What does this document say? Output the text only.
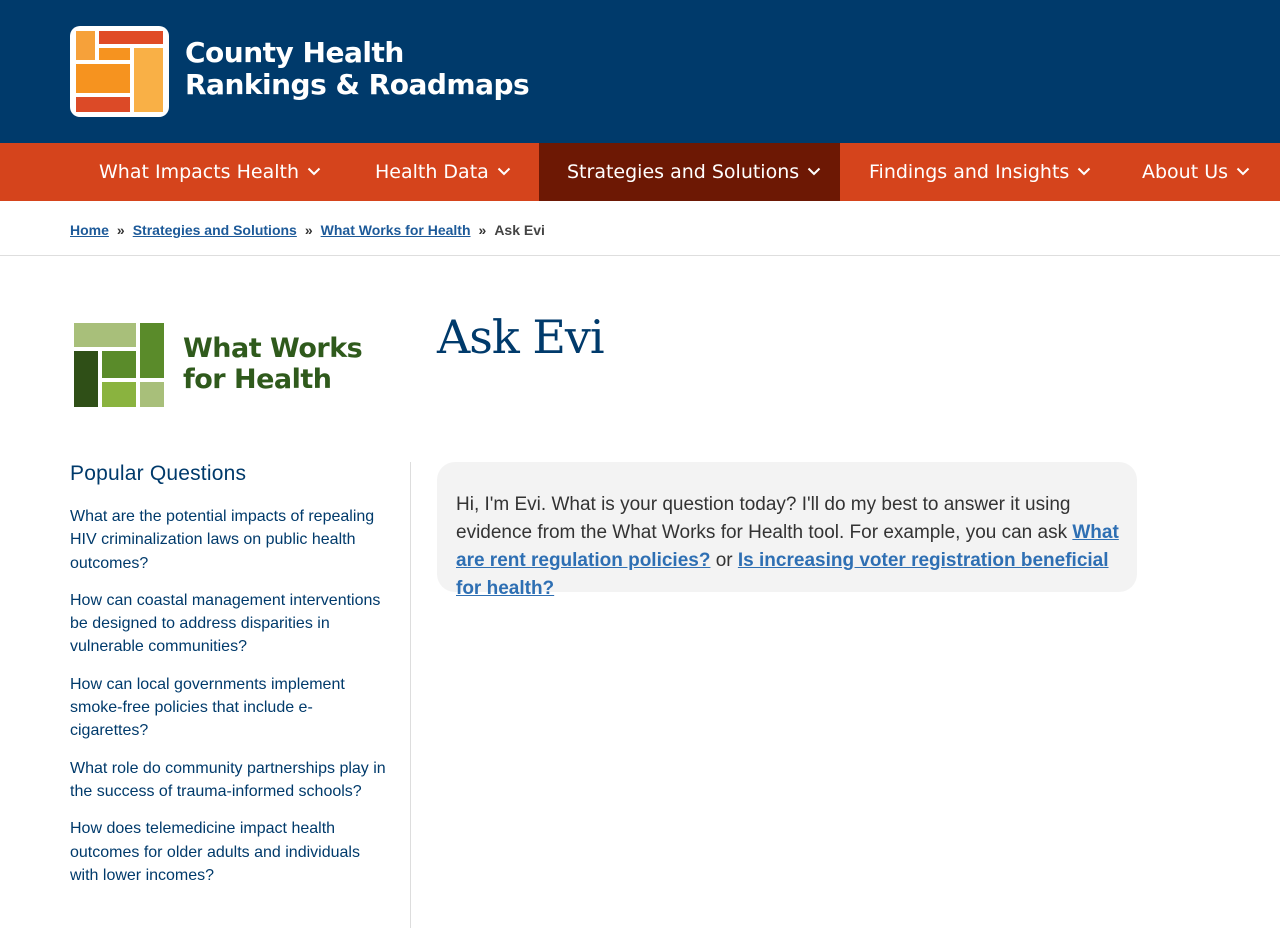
County Health
Rankings & Roadmaps
What Impacts Health	Health Data	Strategies and Solutions	Findings and Insights	About Us
Home » Strategies and Solutions » What Works for Health » Ask Evi
What Works
for Health
Ask Evi
Popular Questions
What are the potential impacts of repealing HIV criminalization laws on public health outcomes?
How can coastal management interventions be designed to address disparities in vulnerable communities?
How can local governments implement smoke-free policies that include e-cigarettes?
What role do community partnerships play in the success of trauma-informed schools?
How does telemedicine impact health outcomes for older adults and individuals with lower incomes?
Hi, I'm Evi. What is your question today? I'll do my best to answer it using evidence from the What Works for Health tool. For example, you can ask What are rent regulation policies? or Is increasing voter registration beneficial for health?
